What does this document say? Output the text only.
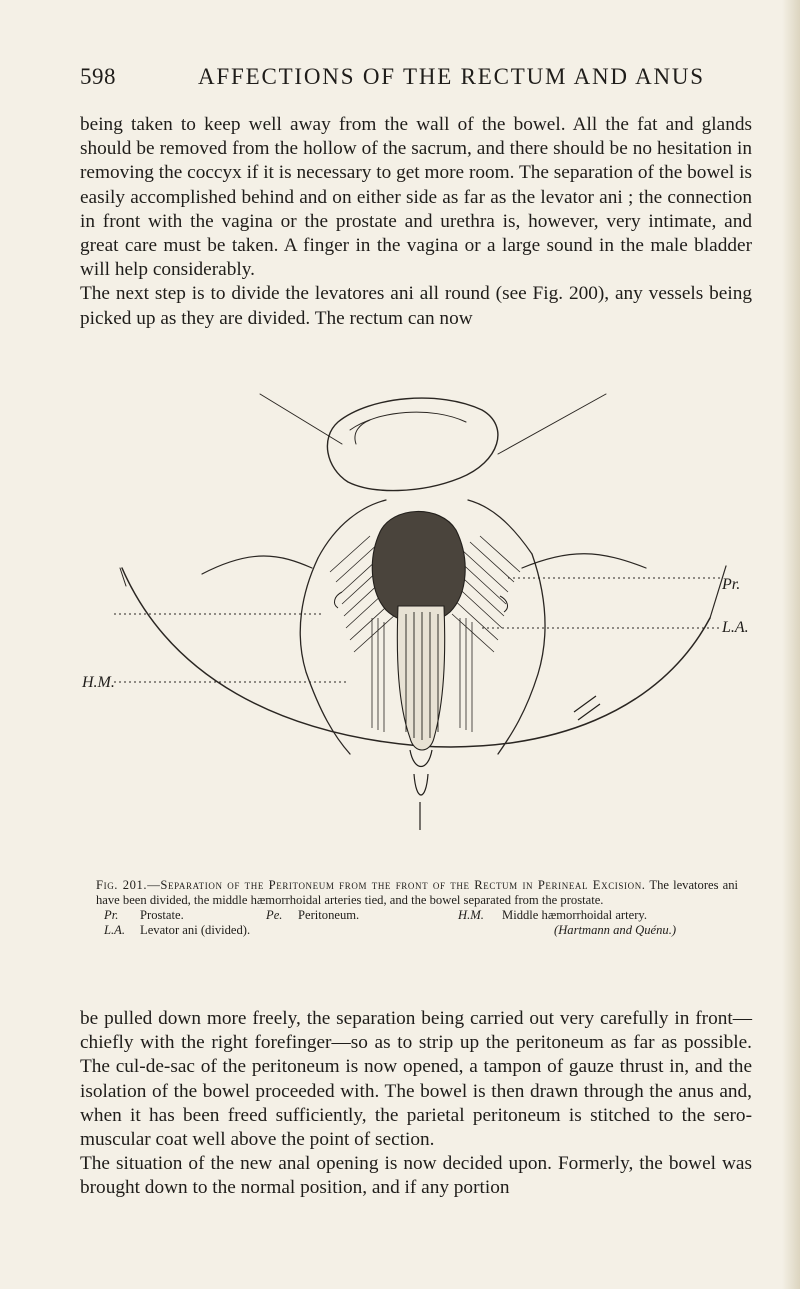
598	AFFECTIONS OF THE RECTUM AND ANUS

being taken to keep well away from the wall of the bowel. All the fat and glands should be removed from the hollow of the sacrum, and there should be no hesitation in removing the coccyx if it is necessary to get more room. The separation of the bowel is easily accomplished behind and on either side as far as the levator ani ; the connection in front with the vagina or the prostate and urethra is, however, very intimate, and great care must be taken. A finger in the vagina or a large sound in the male bladder will help considerably.

The next step is to divide the levatores ani all round (see Fig. 200), any vessels being picked up as they are divided. The rectum can now

Pr.
L.A.
H.M.

Fig. 201.—Separation of the Peritoneum from the front of the Rectum in Perineal Excision. The levatores ani have been divided, the middle hæmorrhoidal arteries tied, and the bowel separated from the prostate.

Pr. Prostate.	Pe. Peritoneum.	H.M. Middle hæmorrhoidal artery.
L.A. Levator ani (divided).	(Hartmann and Quénu.)

be pulled down more freely, the separation being carried out very carefully in front—chiefly with the right forefinger—so as to strip up the peritoneum as far as possible. The cul-de-sac of the peritoneum is now opened, a tampon of gauze thrust in, and the isolation of the bowel proceeded with. The bowel is then drawn through the anus and, when it has been freed sufficiently, the parietal peritoneum is stitched to the sero-muscular coat well above the point of section.

The situation of the new anal opening is now decided upon. Formerly, the bowel was brought down to the normal position, and if any portion
